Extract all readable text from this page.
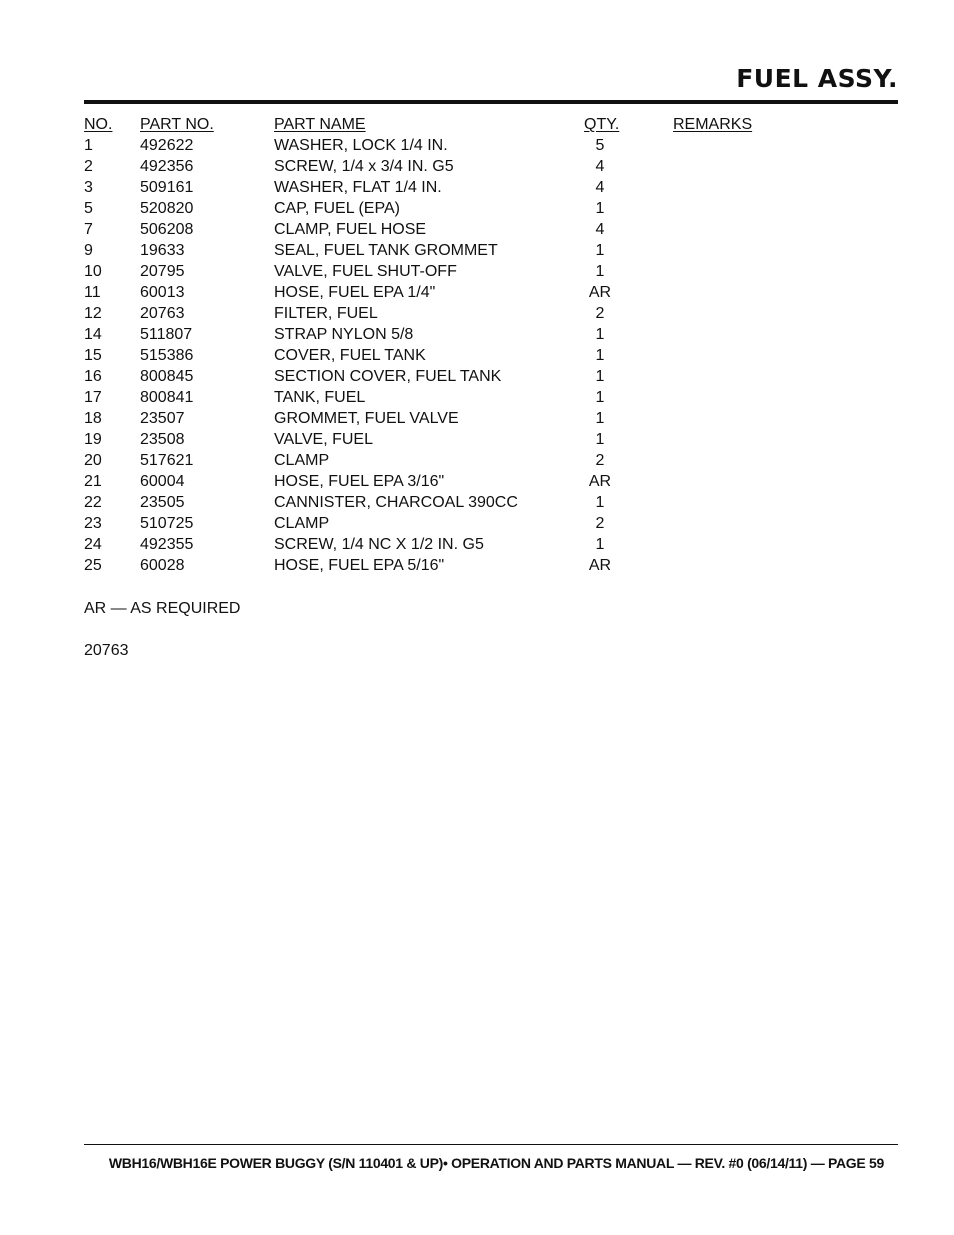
FUEL ASSY.
NO. PART NO.	PART NAME	QTY.	REMARKS
1	492622	WASHER, LOCK 1/4 IN.	5
2	492356	SCREW, 1/4 x 3/4 IN. G5	4
3	509161	WASHER, FLAT 1/4 IN.	4
5	520820	CAP, FUEL (EPA)	1
7	506208	CLAMP, FUEL HOSE	4
9	19633	SEAL, FUEL TANK GROMMET	1
10 20795	VALVE, FUEL SHUT-OFF	1
11 60013	HOSE, FUEL EPA 1/4"	AR
12 20763	FILTER, FUEL	2
14 511807	STRAP NYLON 5/8	1
15 515386	COVER, FUEL TANK	1
16 800845	SECTION COVER, FUEL TANK	1
17 800841	TANK, FUEL	1
18 23507	GROMMET, FUEL VALVE	1
19 23508	VALVE, FUEL	1
20 517621	CLAMP	2
21 60004	HOSE, FUEL EPA 3/16"	AR
22 23505	CANNISTER, CHARCOAL 390CC	1
23 510725	CLAMP	2
24 492355	SCREW, 1/4 NC X 1/2 IN. G5	1
25 60028	HOSE, FUEL EPA 5/16"	AR
AR — AS REQUIRED
20763
WBH16/WBH16E POWER BUGGY (S/N 110401 & UP)• OPERATION AND PARTS MANUAL — REV. #0 (06/14/11) — PAGE 59
